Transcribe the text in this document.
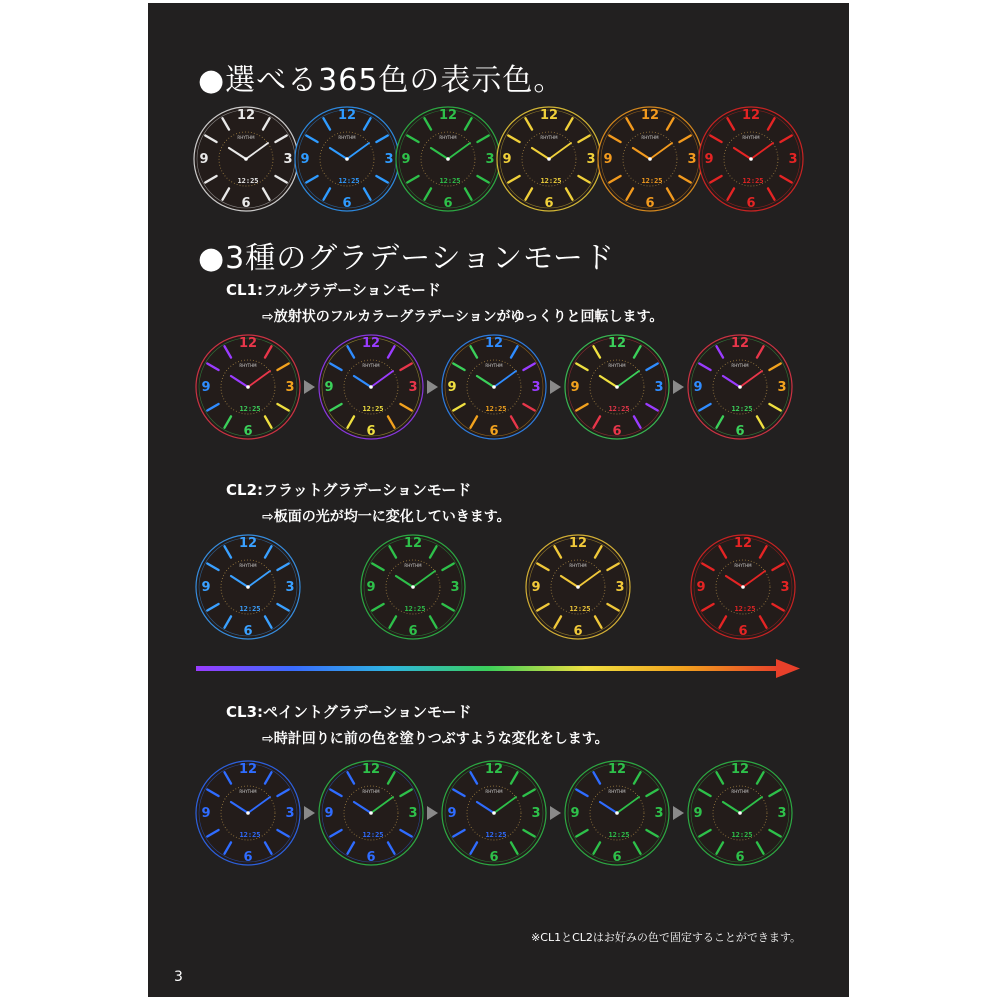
●選べる365色の表示色。
12
3
6
9
RHYTHM
12:25
12
3
6
9
RHYTHM
12:25
12
3
6
9
RHYTHM
12:25
12
3
6
9
RHYTHM
12:25
12
3
6
9
RHYTHM
12:25
12
3
6
9
RHYTHM
12:25
●3種のグラデーションモード
CL1:フルグラデーションモード
⇨放射状のフルカラーグラデーションがゆっくりと回転します。
12
3
6
9
RHYTHM
12:25
12
3
6
9
RHYTHM
12:25
12
3
6
9
RHYTHM
12:25
12
3
6
9
RHYTHM
12:25
12
3
6
9
RHYTHM
12:25
CL2:フラットグラデーションモード
⇨板面の光が均一に変化していきます。
12
3
6
9
RHYTHM
12:25
12
3
6
9
RHYTHM
12:25
12
3
6
9
RHYTHM
12:25
12
3
6
9
RHYTHM
12:25
CL3:ペイントグラデーションモード
⇨時計回りに前の色を塗りつぶすような変化をします。
12
3
6
9
RHYTHM
12:25
12
3
6
9
RHYTHM
12:25
12
3
6
9
RHYTHM
12:25
12
3
6
9
RHYTHM
12:25
12
3
6
9
RHYTHM
12:25
※CL1とCL2はお好みの色で固定することができます。
3
